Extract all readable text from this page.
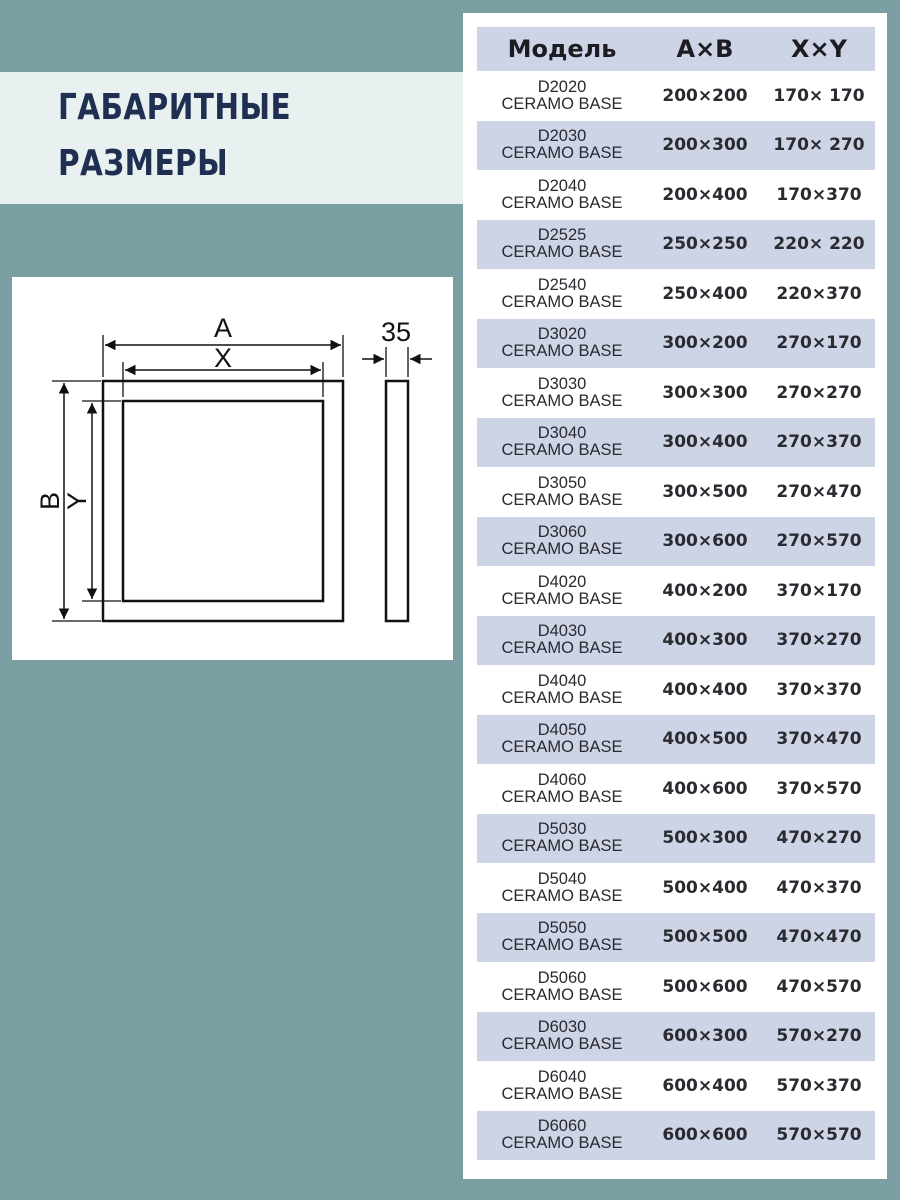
ГАБАРИТНЫЕ
РАЗМЕРЫ
A
X
35
B
Y
Модель	A×B	X×Y

D2020
CERAMO BASE	200×200	170× 170

D2030
CERAMO BASE	200×300	170× 270

D2040
CERAMO BASE	200×400	170×370

D2525
CERAMO BASE	250×250	220× 220

D2540
CERAMO BASE	250×400	220×370

D3020
CERAMO BASE	300×200	270×170

D3030
CERAMO BASE	300×300	270×270

D3040
CERAMO BASE	300×400	270×370

D3050
CERAMO BASE	300×500	270×470

D3060
CERAMO BASE	300×600	270×570

D4020
CERAMO BASE	400×200	370×170

D4030
CERAMO BASE	400×300	370×270

D4040
CERAMO BASE	400×400	370×370

D4050
CERAMO BASE	400×500	370×470

D4060
CERAMO BASE	400×600	370×570

D5030
CERAMO BASE	500×300	470×270

D5040
CERAMO BASE	500×400	470×370

D5050
CERAMO BASE	500×500	470×470

D5060
CERAMO BASE	500×600	470×570

D6030
CERAMO BASE	600×300	570×270

D6040
CERAMO BASE	600×400	570×370

D6060
CERAMO BASE	600×600	570×570
